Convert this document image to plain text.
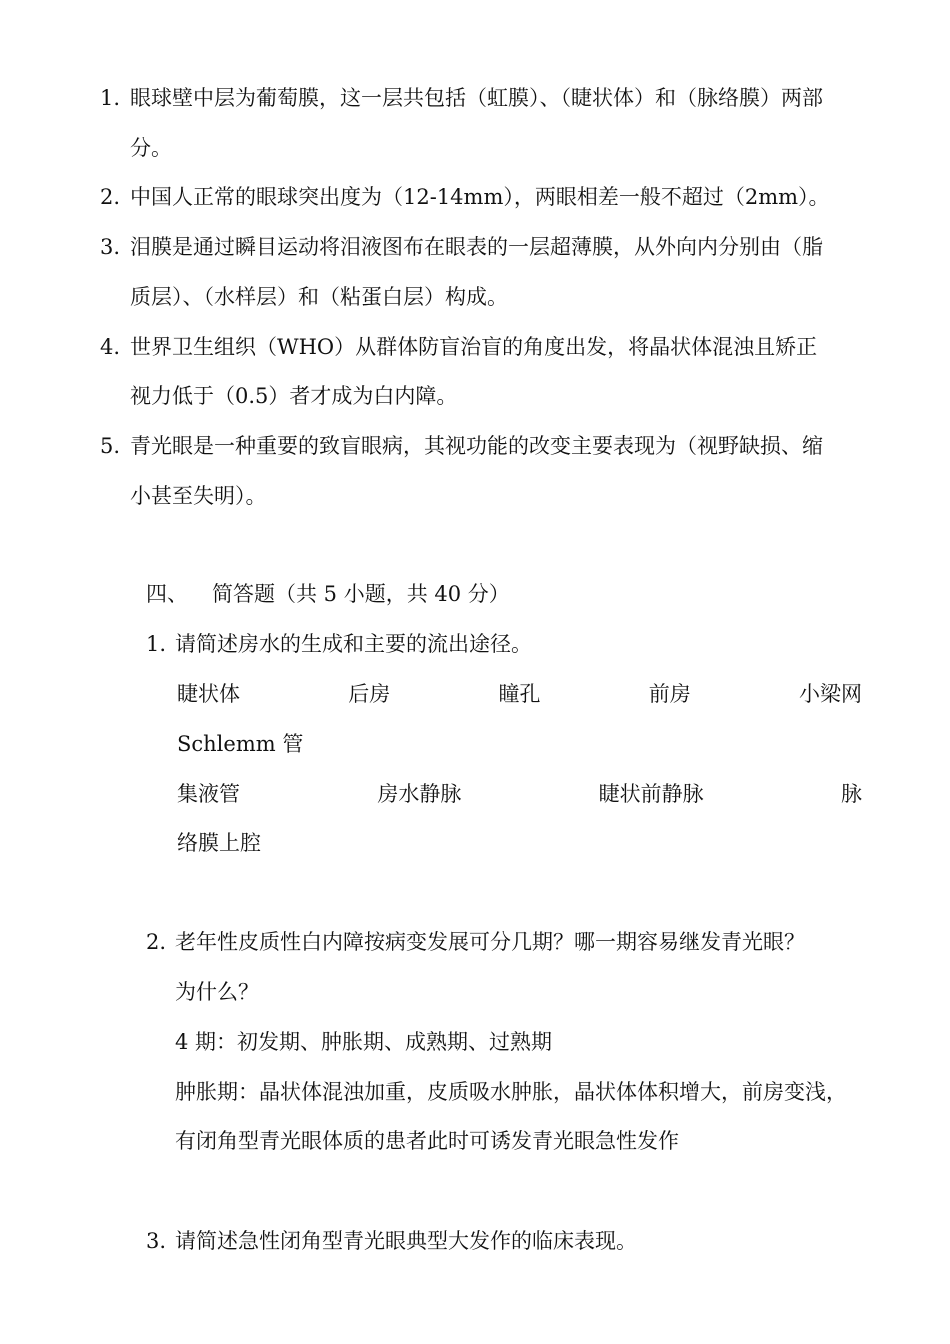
1. 眼球壁中层为葡萄膜，这一层共包括（虹膜）、（睫状体）和（脉络膜）两部
分。
2. 中国人正常的眼球突出度为（12-14mm），两眼相差一般不超过（2mm）。
3. 泪膜是通过瞬目运动将泪液图布在眼表的一层超薄膜，从外向内分别由（脂
质层）、（水样层）和（粘蛋白层）构成。
4. 世界卫生组织（WHO）从群体防盲治盲的角度出发，将晶状体混浊且矫正
视力低于（0.5）者才成为白内障。
5. 青光眼是一种重要的致盲眼病，其视功能的改变主要表现为（视野缺损、缩
小甚至失明）。
四、 简答题（共 5 小题，共 40 分）
1. 请简述房水的生成和主要的流出途径。
睫状体	后房	瞳孔	前房	小梁网
Schlemm 管
集液管	房水静脉	睫状前静脉	脉
络膜上腔
2. 老年性皮质性白内障按病变发展可分几期？哪一期容易继发青光眼？
为什么？
4 期：初发期、肿胀期、成熟期、过熟期
肿胀期：晶状体混浊加重，皮质吸水肿胀，晶状体体积增大，前房变浅，
有闭角型青光眼体质的患者此时可诱发青光眼急性发作
3. 请简述急性闭角型青光眼典型大发作的临床表现。
